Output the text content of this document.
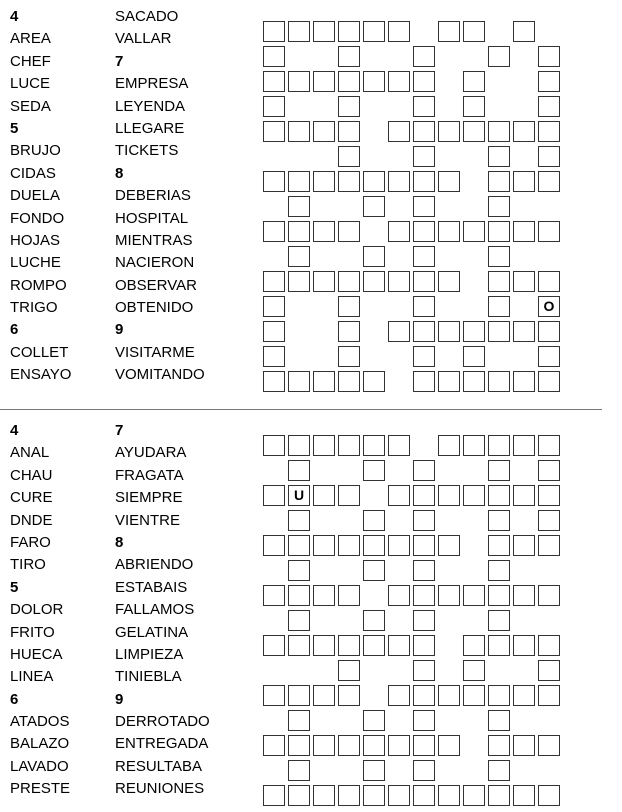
4
AREA
CHEF
LUCE
SEDA
5
BRUJO
CIDAS
DUELA
FONDO
HOJAS
LUCHE
ROMPO
TRIGO
6
COLLET
ENSAYO
SACADO
VALLAR
7
EMPRESA
LEYENDA
LLEGARE
TICKETS
8
DEBERIAS
HOSPITAL
MIENTRAS
NACIERON
OBSERVAR
OBTENIDO
9
VISITARME
VOMITANDO
O
4
ANAL
CHAU
CURE
DNDE
FARO
TIRO
5
DOLOR
FRITO
HUECA
LINEA
6
ATADOS
BALAZO
LAVADO
PRESTE
7
AYUDARA
FRAGATA
SIEMPRE
VIENTRE
8
ABRIENDO
ESTABAIS
FALLAMOS
GELATINA
LIMPIEZA
TINIEBLA
9
DERROTADO
ENTREGADA
RESULTABA
REUNIONES
U
